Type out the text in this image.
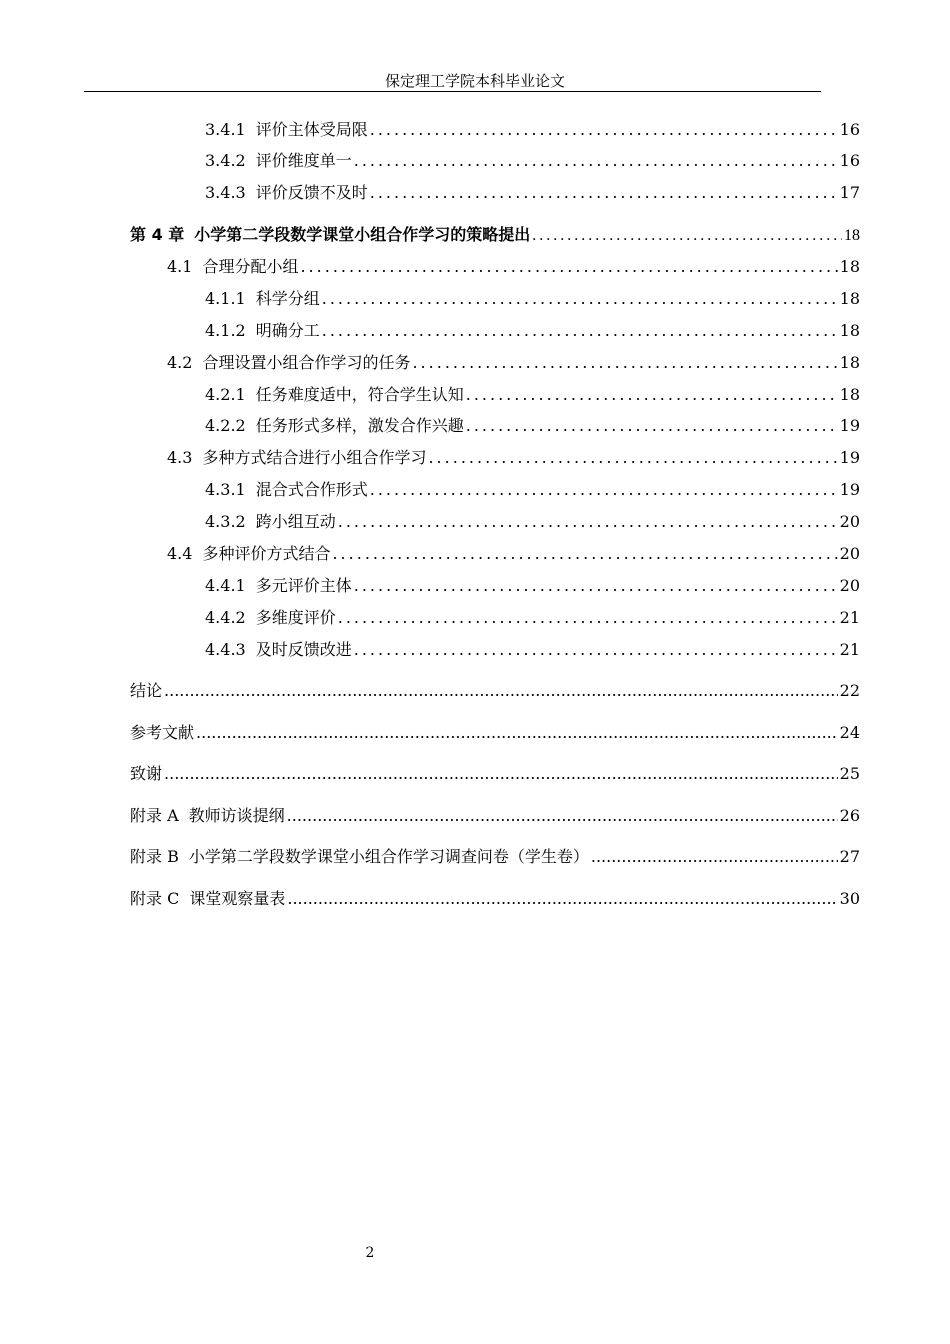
保定理工学院本科毕业论文
3.4.1 评价主体受局限 .....	16
3.4.2 评价维度单一 .....	16
3.4.3 评价反馈不及时 .....	17
第 4 章 小学第二学段数学课堂小组合作学习的策略提出 .....	18
4.1 合理分配小组 .....	18
4.1.1 科学分组 .....	18
4.1.2 明确分工 .....	18
4.2 合理设置小组合作学习的任务 .....	18
4.2.1 任务难度适中，符合学生认知 .....	18
4.2.2 任务形式多样，激发合作兴趣 .....	19
4.3 多种方式结合进行小组合作学习 .....	19
4.3.1 混合式合作形式 .....	19
4.3.2 跨小组互动 .....	20
4.4 多种评价方式结合 .....	20
4.4.1 多元评价主体 .....	20
4.4.2 多维度评价 .....	21
4.4.3 及时反馈改进 .....	21
结论 .....	22
参考文献 .....	24
致谢 .....	25
附录 A 教师访谈提纲 .....	26
附录 B 小学第二学段数学课堂小组合作学习调查问卷（学生卷） .....	27
附录 C 课堂观察量表 .....	30
2
